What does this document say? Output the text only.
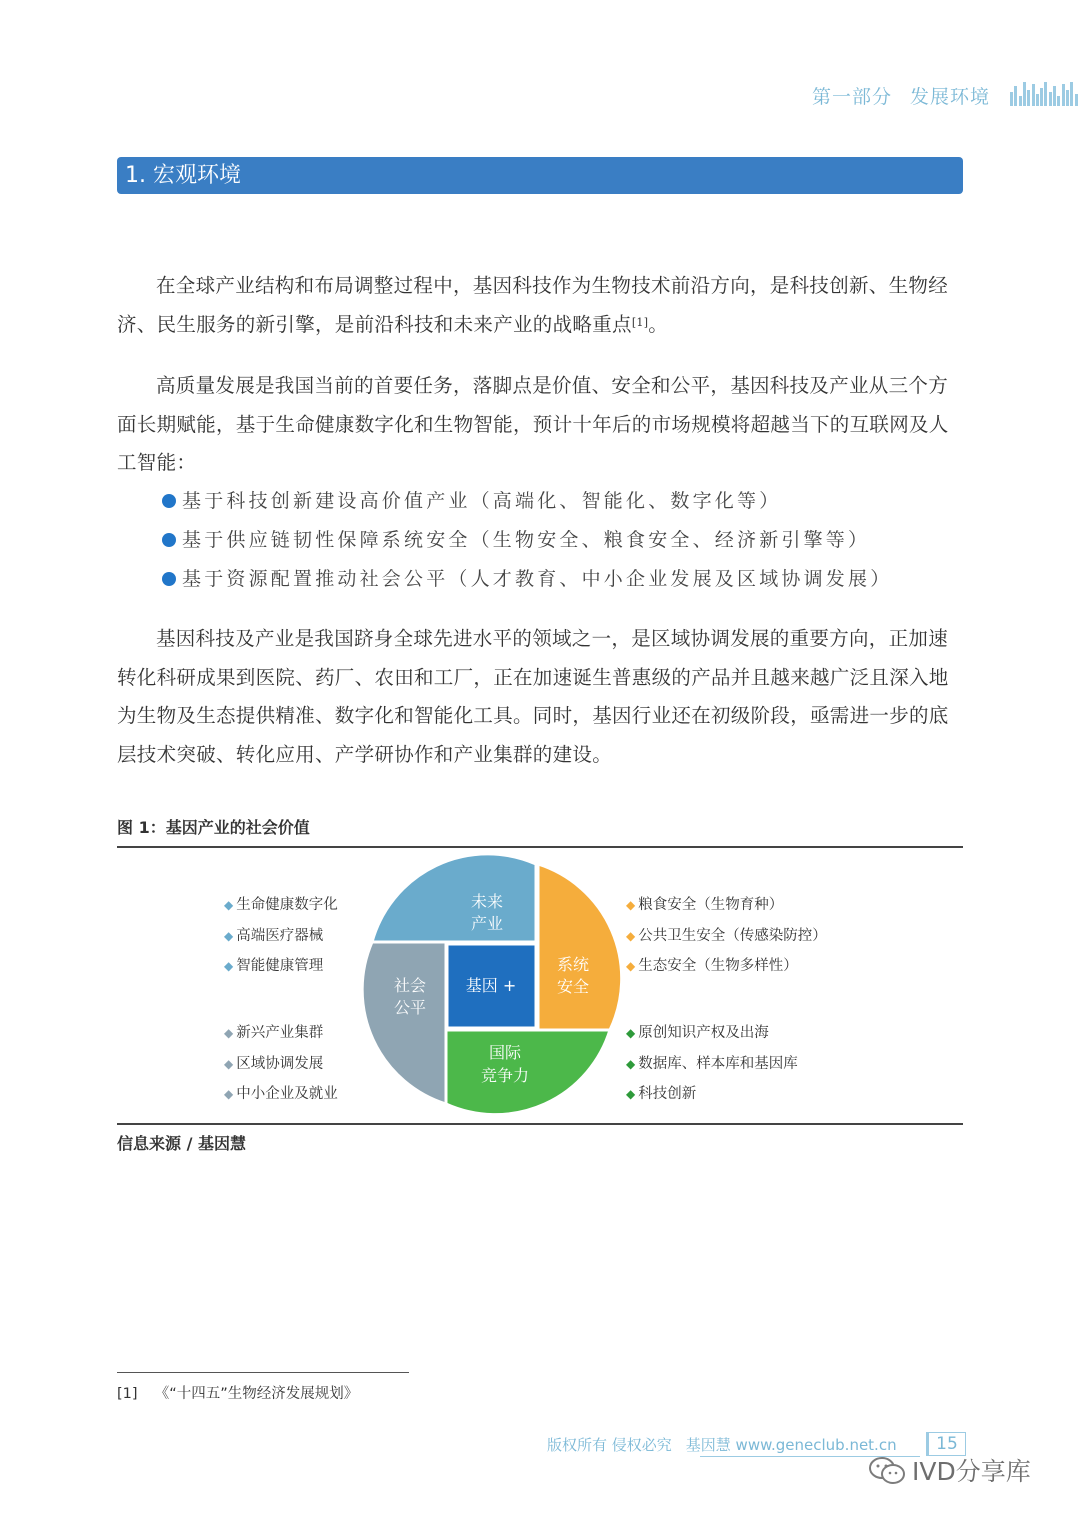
第一部分 发展环境
1. 宏观环境
在全球产业结构和布局调整过程中，基因科技作为生物技术前沿方向，是科技创新、生物经济、民生服务的新引擎，是前沿科技和未来产业的战略重点[1]。
高质量发展是我国当前的首要任务，落脚点是价值、安全和公平，基因科技及产业从三个方面长期赋能，基于生命健康数字化和生物智能，预计十年后的市场规模将超越当下的互联网及人工智能：
基于科技创新建设高价值产业（高端化、智能化、数字化等）
基于供应链韧性保障系统安全（生物安全、粮食安全、经济新引擎等）
基于资源配置推动社会公平（人才教育、中小企业发展及区域协调发展）
基因科技及产业是我国跻身全球先进水平的领域之一，是区域协调发展的重要方向，正加速转化科研成果到医院、药厂、农田和工厂，正在加速诞生普惠级的产品并且越来越广泛且深入地为生物及生态提供精准、数字化和智能化工具。同时，基因行业还在初级阶段，亟需进一步的底层技术突破、转化应用、产学研协作和产业集群的建设。
图 1：基因产业的社会价值
未来
产业
系统
安全
国际
竞争力
社会
公平
基因 +
◆ 生命健康数字化
◆ 高端医疗器械
◆ 智能健康管理
◆ 新兴产业集群
◆ 区域协调发展
◆ 中小企业及就业
◆ 粮食安全（生物育种）
◆ 公共卫生安全（传感染防控）
◆ 生态安全（生物多样性）
◆ 原创知识产权及出海
◆ 数据库、样本库和基因库
◆ 科技创新
信息来源 / 基因慧
[1] 《“十四五”生物经济发展规划》
版权所有 侵权必究 基因慧 www.geneclub.net.cn	15
IVD分享库
